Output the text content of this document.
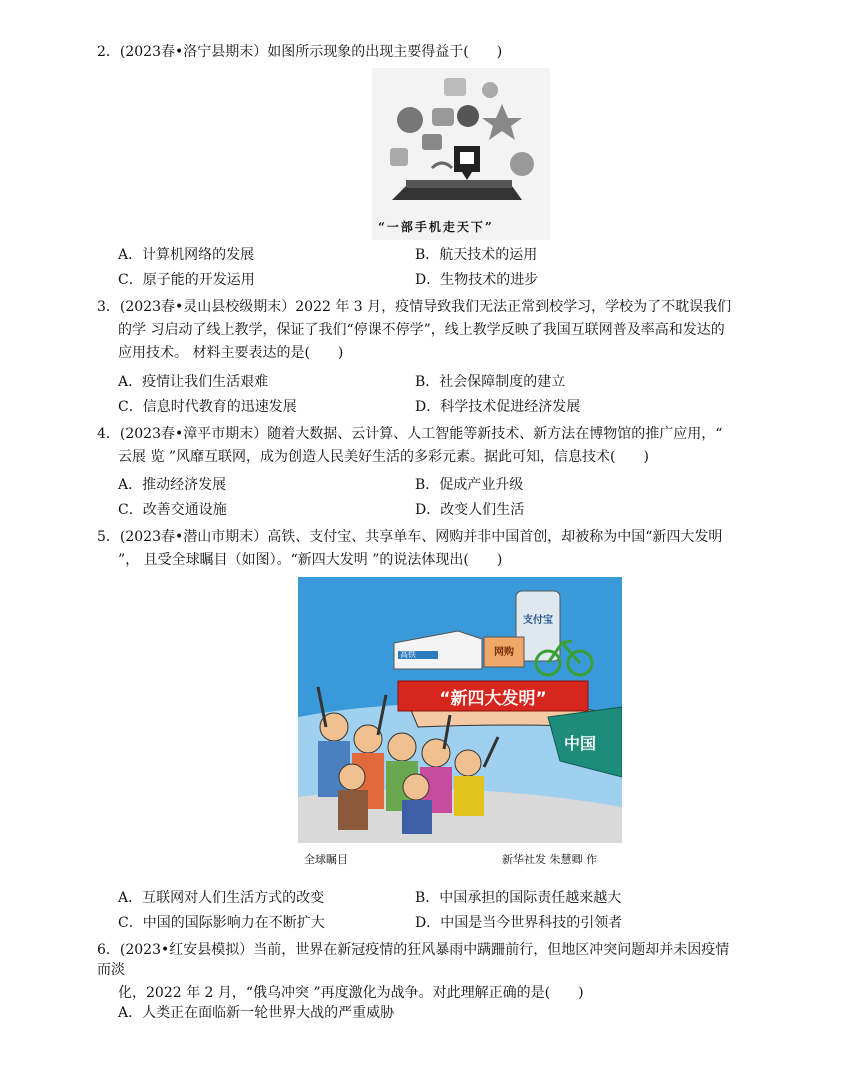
2．(2023春•洛宁县期末）如图所示现象的出现主要得益于(　　)
“一部手机走天下”
A．计算机网络的发展	B．航天技术的运用
C．原子能的开发运用	D．生物技术的进步
3．(2023春•灵山县校级期末）2022 年 3 月，疫情导致我们无法正常到校学习，学校为了不耽误我们
的学 习启动了线上教学，保证了我们“停课不停学”，线上教学反映了我国互联网普及率高和发达的
应用技术。 材料主要表达的是(　　)
A．疫情让我们生活艰难	B．社会保障制度的建立
C．信息时代教育的迅速发展	D．科学技术促进经济发展
4．(2023春•漳平市期末）随着大数据、云计算、人工智能等新技术、新方法在博物馆的推广应用，“
云展 览 ”风靡互联网，成为创造人民美好生活的多彩元素。据此可知，信息技术(　　)
A．推动经济发展	B．促成产业升级
C．改善交通设施	D．改变人们生活
5．(2023春•潜山市期末）高铁、支付宝、共享单车、网购并非中国首创，却被称为中国“新四大发明
”， 且受全球瞩目（如图）。“新四大发明 ”的说法体现出(　　)
“新四大发明”
支付宝
网购
高铁
中国
全球瞩目	新华社发 朱慧卿 作
A．互联网对人们生活方式的改变	B．中国承担的国际责任越来越大
C．中国的国际影响力在不断扩大	D．中国是当今世界科技的引领者
6．(2023•红安县模拟）当前，世界在新冠疫情的狂风暴雨中蹒跚前行，但地区冲突问题却并未因疫情
而淡
化，2022 年 2 月，“俄乌冲突 ”再度激化为战争。对此理解正确的是(　　)
A．人类正在面临新一轮世界大战的严重威胁
